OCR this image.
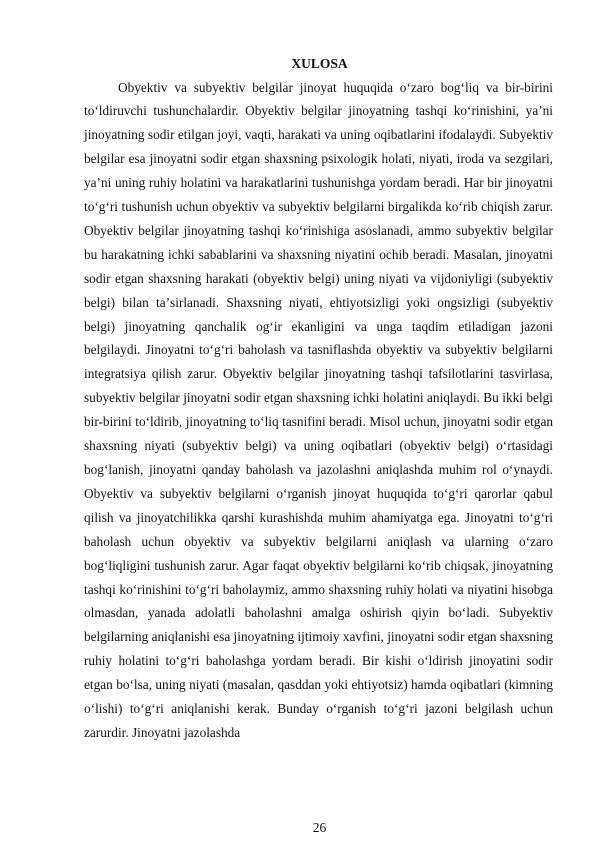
XULOSA

Obyektiv va subyektiv belgilar jinoyat huquqida oʻzaro bogʻliq va bir-birini toʻldiruvchi tushunchalardir. Obyektiv belgilar jinoyatning tashqi koʻrinishini, yaʼni jinoyatning sodir etilgan joyi, vaqti, harakati va uning oqibatlarini ifodalaydi. Subyektiv belgilar esa jinoyatni sodir etgan shaxsning psixologik holati, niyati, iroda va sezgilari, yaʼni uning ruhiy holatini va harakatlarini tushunishga yordam beradi. Har bir jinoyatni toʻgʻri tushunish uchun obyektiv va subyektiv belgilarni birgalikda koʻrib chiqish zarur. Obyektiv belgilar jinoyatning tashqi koʻrinishiga asoslanadi, ammo subyektiv belgilar bu harakatning ichki sabablarini va shaxsning niyatini ochib beradi. Masalan, jinoyatni sodir etgan shaxsning harakati (obyektiv belgi) uning niyati va vijdoniyligi (subyektiv belgi) bilan taʼsirlanadi. Shaxsning niyati, ehtiyotsizligi yoki ongsizligi (subyektiv belgi) jinoyatning qanchalik ogʻir ekanligini va unga taqdim etiladigan jazoni belgilaydi. Jinoyatni toʻgʻri baholash va tasniflashda obyektiv va subyektiv belgilarni integratsiya qilish zarur. Obyektiv belgilar jinoyatning tashqi tafsilotlarini tasvirlasa, subyektiv belgilar jinoyatni sodir etgan shaxsning ichki holatini aniqlaydi. Bu ikki belgi bir-birini toʻldirib, jinoyatning toʻliq tasnifini beradi. Misol uchun, jinoyatni sodir etgan shaxsning niyati (subyektiv belgi) va uning oqibatlari (obyektiv belgi) oʻrtasidagi bogʻlanish, jinoyatni qanday baholash va jazolashni aniqlashda muhim rol oʻynaydi. Obyektiv va subyektiv belgilarni oʻrganish jinoyat huquqida toʻgʻri qarorlar qabul qilish va jinoyatchilikka qarshi kurashishda muhim ahamiyatga ega. Jinoyatni toʻgʻri baholash uchun obyektiv va subyektiv belgilarni aniqlash va ularning oʻzaro bogʻliqligini tushunish zarur. Agar faqat obyektiv belgilarni koʻrib chiqsak, jinoyatning tashqi koʻrinishini toʻgʻri baholaymiz, ammo shaxsning ruhiy holati va niyatini hisobga olmasdan, yanada adolatli baholashni amalga oshirish qiyin boʻladi. Subyektiv belgilarning aniqlanishi esa jinoyatning ijtimoiy xavfini, jinoyatni sodir etgan shaxsning ruhiy holatini toʻgʻri baholashga yordam beradi. Bir kishi oʻldirish jinoyatini sodir etgan boʻlsa, uning niyati (masalan, qasddan yoki ehtiyotsiz) hamda oqibatlari (kimning oʻlishi) toʻgʻri aniqlanishi kerak. Bunday oʻrganish toʻgʻri jazoni belgilash uchun zarurdir. Jinoyatni jazolashda

26
